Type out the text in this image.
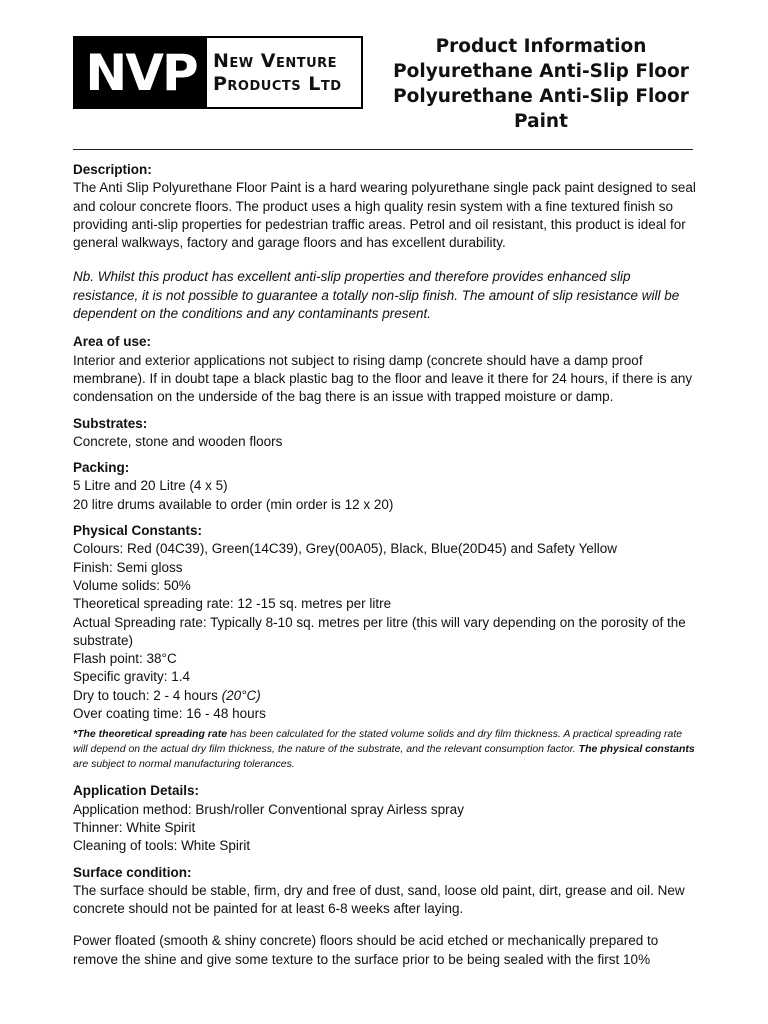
NVP New Venture
Products Ltd
Product Information
Polyurethane Anti-Slip Floor
Polyurethane Anti-Slip Floor
Paint

Description:

The Anti Slip Polyurethane Floor Paint is a hard wearing polyurethane single pack paint designed to seal and colour concrete floors. The product uses a high quality resin system with a fine textured finish so providing anti-slip properties for pedestrian traffic areas. Petrol and oil resistant, this product is ideal for general walkways, factory and garage floors and has excellent durability.

Nb. Whilst this product has excellent anti-slip properties and therefore provides enhanced slip resistance, it is not possible to guarantee a totally non-slip finish. The amount of slip resistance will be dependent on the conditions and any contaminants present.

Area of use:

Interior and exterior applications not subject to rising damp (concrete should have a damp proof membrane). If in doubt tape a black plastic bag to the floor and leave it there for 24 hours, if there is any condensation on the underside of the bag there is an issue with trapped moisture or damp.

Substrates:

Concrete, stone and wooden floors

Packing:

5 Litre and 20 Litre (4 x 5)

20 litre drums available to order (min order is 12 x 20)

Physical Constants:

Colours: Red (04C39), Green(14C39), Grey(00A05), Black, Blue(20D45) and Safety Yellow

Finish: Semi gloss

Volume solids: 50%

Theoretical spreading rate: 12 -15 sq. metres per litre

Actual Spreading rate: Typically 8-10 sq. metres per litre (this will vary depending on the porosity of the substrate)

Flash point: 38°C

Specific gravity: 1.4

Dry to touch: 2 - 4 hours (20°C)

Over coating time: 16 - 48 hours

*The theoretical spreading rate has been calculated for the stated volume solids and dry film thickness. A practical spreading rate will depend on the actual dry film thickness, the nature of the substrate, and the relevant consumption factor. The physical constants are subject to normal manufacturing tolerances.

Application Details:

Application method: Brush/roller Conventional spray Airless spray

Thinner: White Spirit

Cleaning of tools: White Spirit

Surface condition:

The surface should be stable, firm, dry and free of dust, sand, loose old paint, dirt, grease and oil. New concrete should not be painted for at least 6-8 weeks after laying.

Power floated (smooth & shiny concrete) floors should be acid etched or mechanically prepared to remove the shine and give some texture to the surface prior to be being sealed with the first 10%
